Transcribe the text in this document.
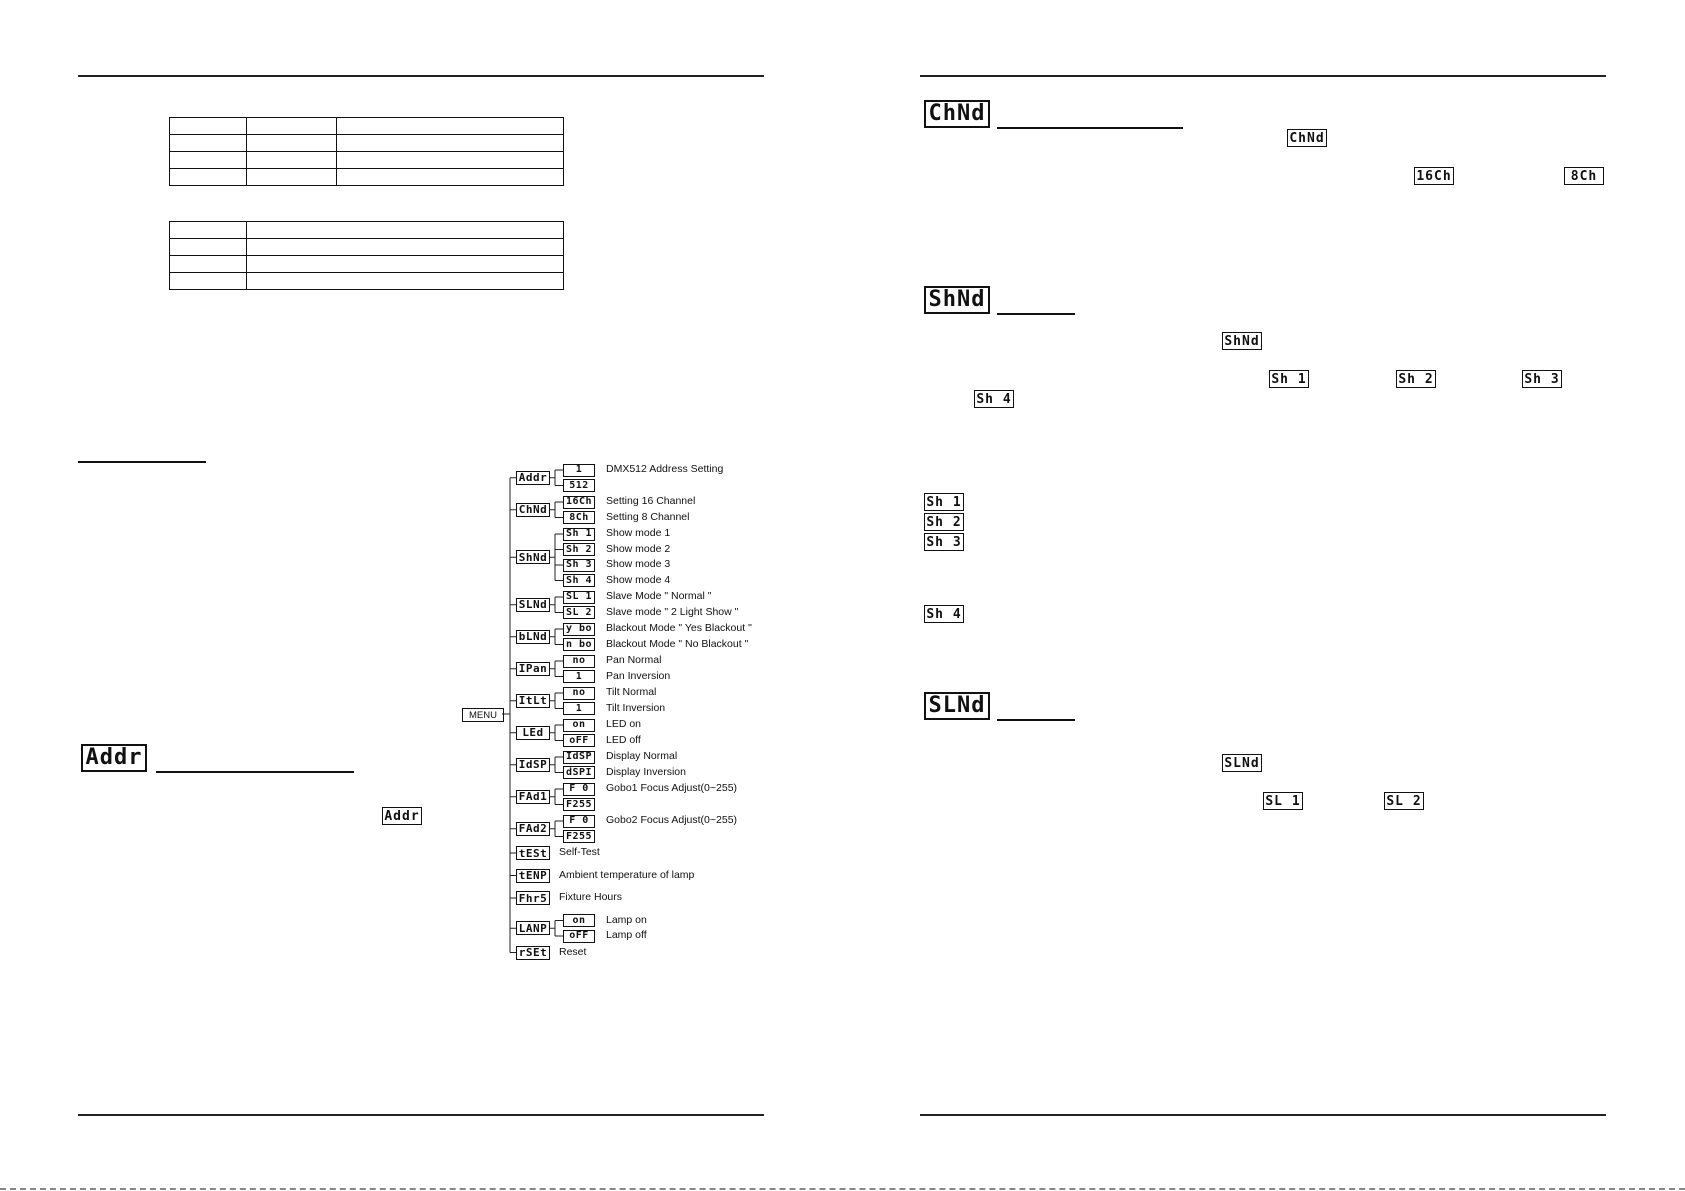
Addr
Addr
MENU
Addr
1	DMX512 Address Setting
512
ChNd
16Ch Setting 16 Channel
8Ch	Setting 8 Channel
ShNd
Sh 1 Show mode 1
Sh 2 Show mode 2
Sh 3 Show mode 3
Sh 4 Show mode 4
SLNd
SL 1 Slave Mode " Normal "
SL 2 Slave mode " 2 Light Show "
bLNd
y bo Blackout Mode " Yes Blackout "
n bo Blackout Mode " No Blackout "
IPan
no	Pan Normal
1	Pan Inversion
ItLt
no	Tilt Normal
1	Tilt Inversion
LEd
on	LED on
oFF	LED off
IdSP
IdSP Display Normal
dSPI Display Inversion
FAd1
F 0	Gobo1 Focus Adjust(0~255)
F255
FAd2
F 0	Gobo2 Focus Adjust(0~255)
F255
tESt Self-Test
tENP Ambient temperature of lamp
Fhr5 Fixture Hours
LANP
on	Lamp on
oFF	Lamp off
rSEt Reset
ChNd
ChNd
16Ch	8Ch
ShNd
ShNd
Sh 1	Sh 2	Sh 3
Sh 4
Sh 1
Sh 2
Sh 3
Sh 4
SLNd
SLNd
SL 1	SL 2
